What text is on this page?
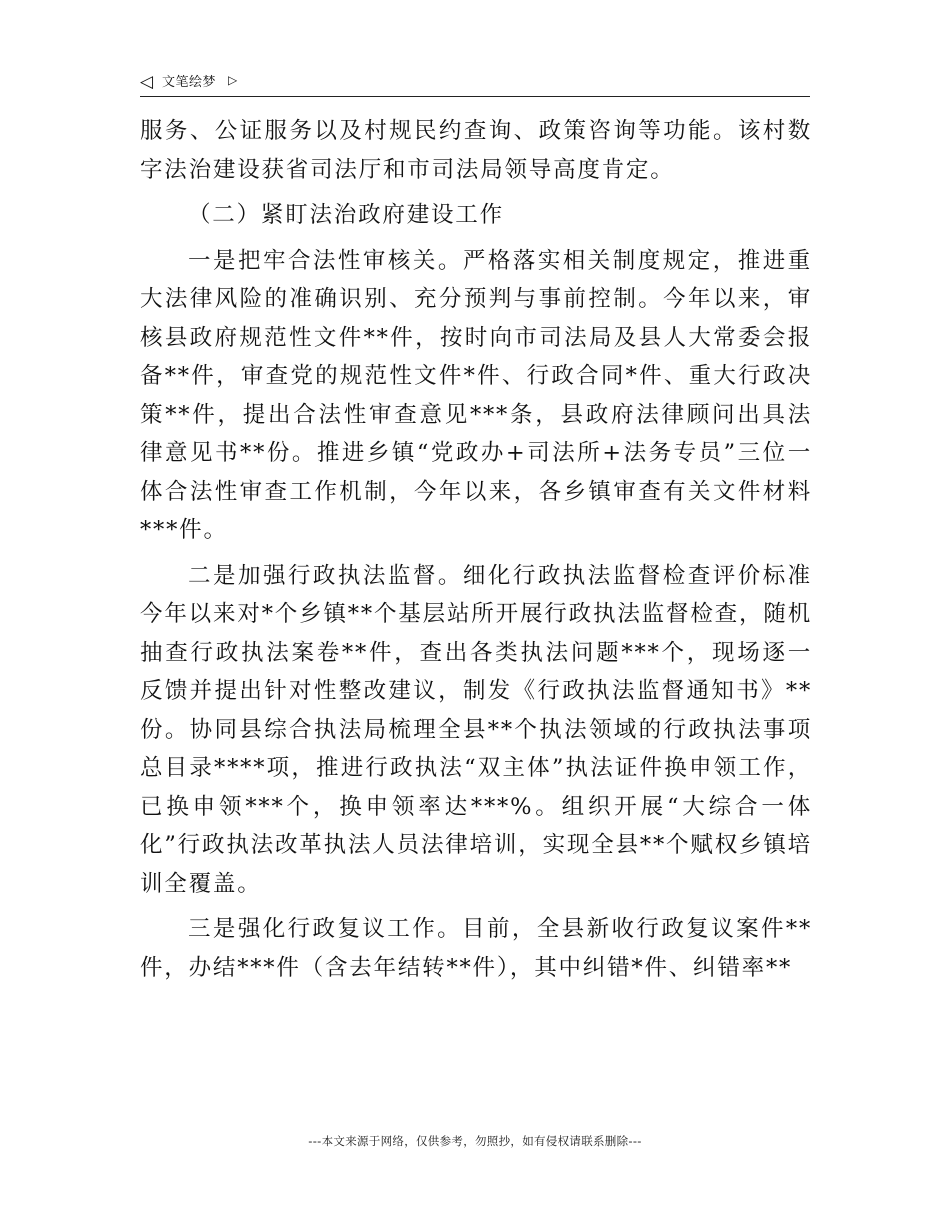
◁ 文笔绘梦 ▷

服务、公证服务以及村规民约查询、政策咨询等功能。该村数字法治建设获省司法厅和市司法局领导高度肯定。

（二）紧盯法治政府建设工作

一是把牢合法性审核关。严格落实相关制度规定，推进重大法律风险的准确识别、充分预判与事前控制。今年以来，审核县政府规范性文件**件，按时向市司法局及县人大常委会报备**件，审查党的规范性文件*件、行政合同*件、重大行政决策**件，提出合法性审查意见***条，县政府法律顾问出具法律意见书**份。推进乡镇“党政办+司法所+法务专员”三位一体合法性审查工作机制，今年以来，各乡镇审查有关文件材料***件。

二是加强行政执法监督。细化行政执法监督检查评价标准今年以来对*个乡镇**个基层站所开展行政执法监督检查，随机抽查行政执法案卷**件，查出各类执法问题***个，现场逐一反馈并提出针对性整改建议，制发《行政执法监督通知书》**份。协同县综合执法局梳理全县**个执法领域的行政执法事项总目录****项，推进行政执法“双主体”执法证件换申领工作，已换申领***个，换申领率达***%。组织开展“大综合一体化”行政执法改革执法人员法律培训，实现全县**个赋权乡镇培训全覆盖。

三是强化行政复议工作。目前，全县新收行政复议案件**件，办结***件（含去年结转**件），其中纠错*件、纠错率**

---本文来源于网络，仅供参考，勿照抄，如有侵权请联系删除---
